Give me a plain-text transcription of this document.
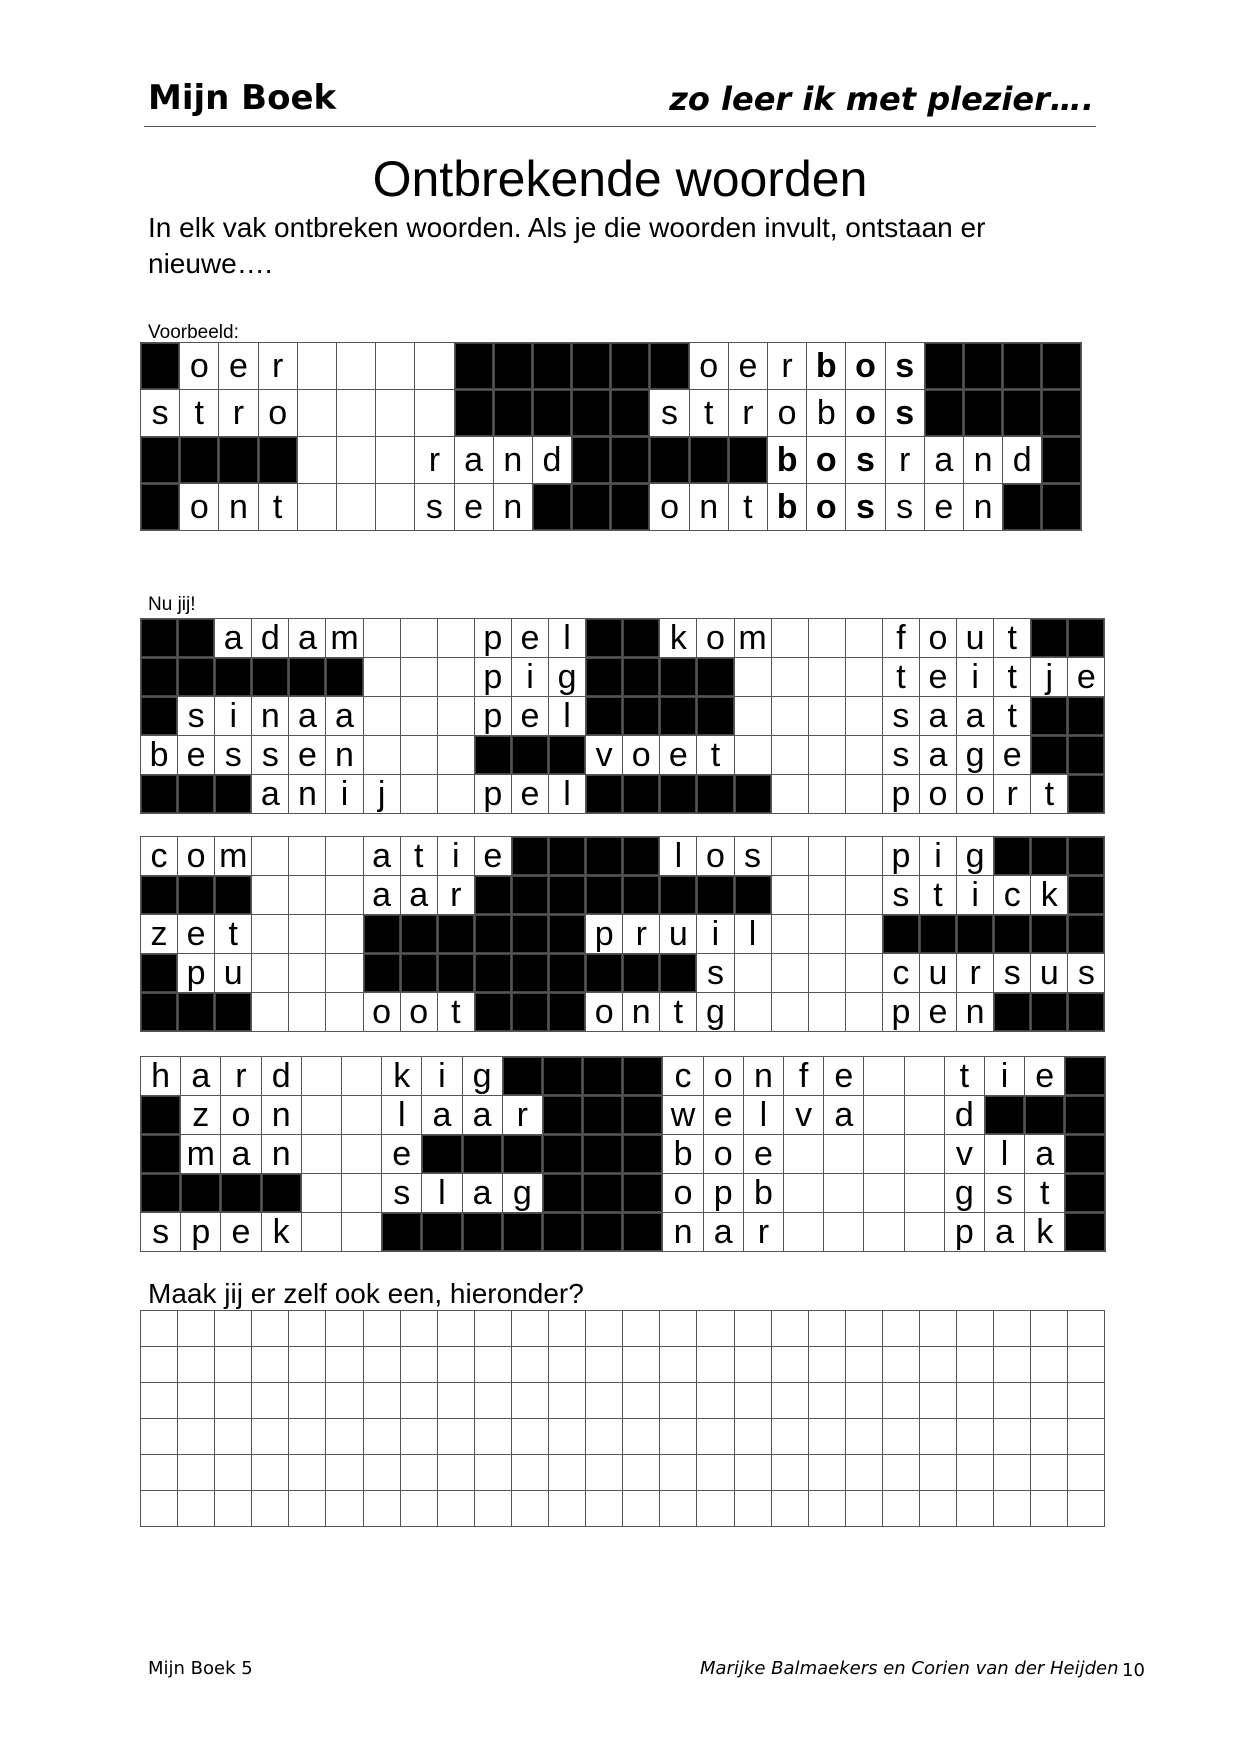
Mijn Boek	zo leer ik met plezier….
Ontbrekende woorden
In elk vak ontbreken woorden. Als je die woorden invult, ontstaan er nieuwe….
Voorbeeld:
o e r	o e r b o s
s t r o	s t r o b o s
r a n d	b o s r a n d
o n t	s e n	o n t b o s s e n
Nu jij!
a d a m	p e l	k o m	f o u t
p i g	t e i t j e
s i n a a	p e l	s a a t
b e s s e n	v o e t	s a g e
a n i j	p e l	p o o r t
c o m	a t i e	l o s	p i g
a a r	s t i c k
z e t	p r u i l
p u	s	c u r s u s
o o t	o n t g	p e n
h a r d	k i g	c o n f e	t i e
z o n	l a a r	w e l v a	d
m a n	e	b o e	v l a
s l a g	o p b	g s t
s p e k	n a r	p a k
Maak jij er zelf ook een, hieronder?
Mijn Boek 5	Marijke Balmaekers en Corien van der Heijden 10
